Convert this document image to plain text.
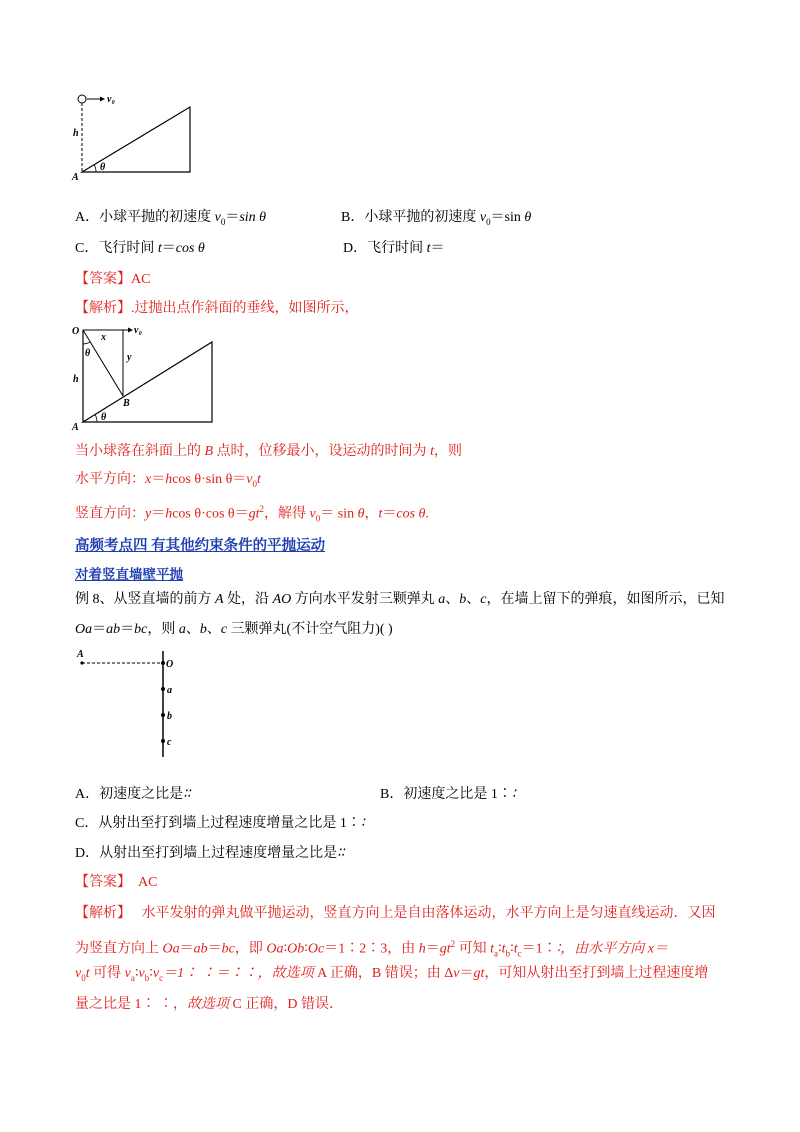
v₀
h
A
θ
A．小球平抛的初速度 $v_0=\sin$ θ	B．小球平抛的初速度 $v_0=\sin$ θ
C．飞行时间 t＝cos θ	D．飞行时间 t＝
【答案】AC
【解析】.过抛出点作斜面的垂线，如图所示，
O
x
v₀
θ	y
h
B
A
θ
当小球落在斜面上的 B 点时，位移最小，设运动的时间为 t，则
水平方向：x＝hcos θ·sin $\theta=v_0t$
竖直方向：y＝hcos θ·cos $\theta=gt^2$，解得 $v_0= \sin \theta$，t＝cos θ.
高频考点四 有其他约束条件的平抛运动
对着竖直墙壁平抛
例 8、从竖直墙的前方 A 处，沿 AO 方向水平发射三颗弹丸 a、b、c，在墙上留下的弹痕，如图所示，已知
Oa＝ab＝bc，则 a、b、c 三颗弹丸(不计空气阻力)( )
A
O
a
b
c
A．初速度之比是∶∶	B．初速度之比是 1∶∶
C．从射出至打到墙上过程速度增量之比是 1∶∶
D．从射出至打到墙上过程速度增量之比是∶∶
【答案】 AC
【解析】 水平发射的弹丸做平抛运动，竖直方向上是自由落体运动，水平方向上是匀速直线运动．又因
为竖直方向上 Oa＝ab＝bc，即 Oa∶Ob∶Oc＝1∶2∶3，由 $h=gt^2$ 可知 $t_a∶t_b∶t_c=1∶∶$，由水平方向 x＝
$v_0t$ 可得 $v_a∶v_b∶v_c=1∶$ ∶＝∶∶，故选项 A 正确，B 错误；由 Δv＝gt，可知从射出至打到墙上过程速度增
量之比是 1∶ ∶，故选项 C 正确，D 错误．
